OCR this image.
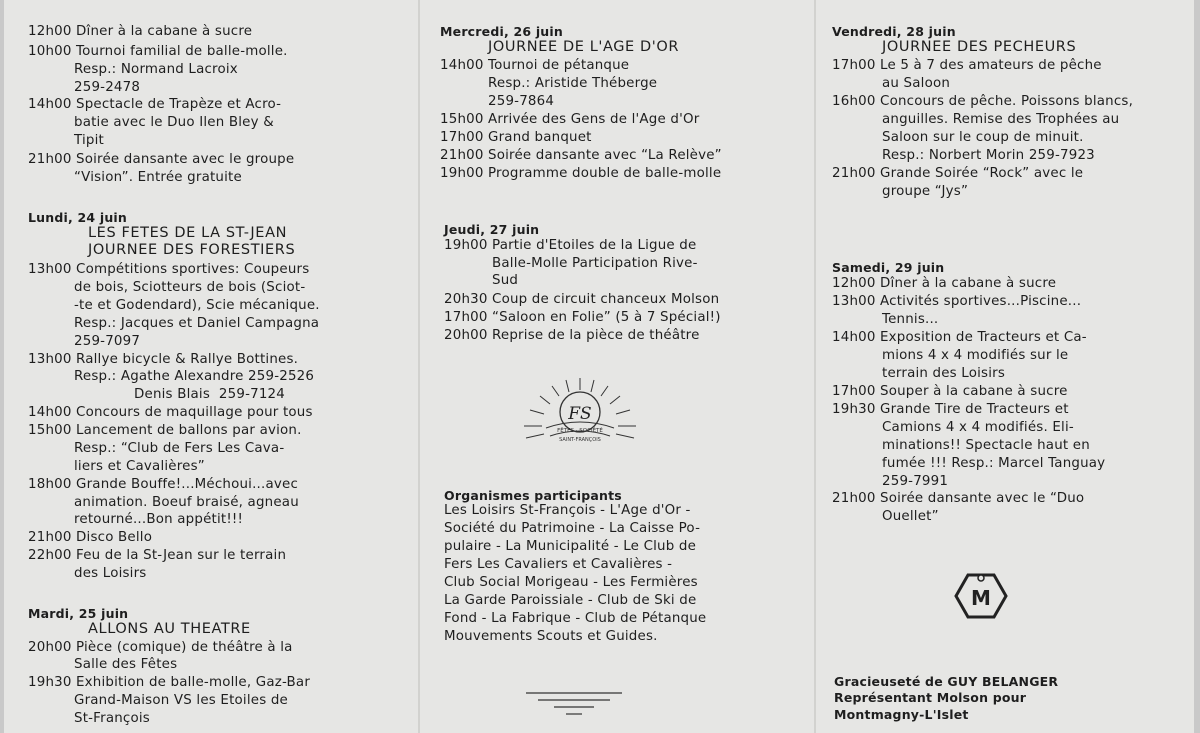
12h00 Dîner à la cabane à sucre
10h00 Tournoi familial de balle-molle.
Resp.: Normand Lacroix
259-2478
14h00 Spectacle de Trapèze et Acro-
batie avec le Duo Ilen Bley &
Tipit
21h00 Soirée dansante avec le groupe
“Vision”. Entrée gratuite
Lundi, 24 juin
LES FETES DE LA ST-JEAN
JOURNEE DES FORESTIERS
13h00 Compétitions sportives: Coupeurs
de bois, Sciotteurs de bois (Sciot-
-te et Godendard), Scie mécanique.
Resp.: Jacques et Daniel Campagna
259-7097
13h00 Rallye bicycle & Rallye Bottines.
Resp.: Agathe Alexandre 259-2526
Denis Blais  259-7124
14h00 Concours de maquillage pour tous
15h00 Lancement de ballons par avion.
Resp.: “Club de Fers Les Cava-
liers et Cavalières”
18h00 Grande Bouffe!...Méchoui...avec
animation. Boeuf braisé, agneau
retourné...Bon appétit!!!
21h00 Disco Bello
22h00 Feu de la St-Jean sur le terrain
des Loisirs
Mardi, 25 juin
ALLONS AU THEATRE
20h00 Pièce (comique) de théâtre à la
Salle des Fêtes
19h30 Exhibition de balle-molle, Gaz-Bar
Grand-Maison VS les Etoiles de
St-François
Mercredi, 26 juin
JOURNEE DE L'AGE D'OR
14h00 Tournoi de pétanque
Resp.: Aristide Théberge
259-7864
15h00 Arrivée des Gens de l'Age d'Or
17h00 Grand banquet
21h00 Soirée dansante avec “La Relève”
19h00 Programme double de balle-molle
Jeudi, 27 juin
19h00 Partie d'Etoiles de la Ligue de
Balle-Molle Participation Rive-
Sud
20h30 Coup de circuit chanceux Molson
17h00 “Saloon en Folie” (5 à 7 Spécial!)
20h00 Reprise de la pièce de théâtre
FS
FÊTES · SOCIÉTÉ
SAINT-FRANÇOIS
Organismes participants
Les Loisirs St-François - L'Age d'Or -
Société du Patrimoine - La Caisse Po-
pulaire - La Municipalité - Le Club de
Fers Les Cavaliers et Cavalières -
Club Social Morigeau - Les Fermières
La Garde Paroissiale - Club de Ski de
Fond - La Fabrique - Club de Pétanque
Mouvements Scouts et Guides.
Vendredi, 28 juin
JOURNEE DES PECHEURS
17h00 Le 5 à 7 des amateurs de pêche
au Saloon
16h00 Concours de pêche. Poissons blancs,
anguilles. Remise des Trophées au
Saloon sur le coup de minuit.
Resp.: Norbert Morin 259-7923
21h00 Grande Soirée “Rock” avec le
groupe “Jys”
Samedi, 29 juin
12h00 Dîner à la cabane à sucre
13h00 Activités sportives...Piscine...
Tennis...
14h00 Exposition de Tracteurs et Ca-
mions 4 x 4 modifiés sur le
terrain des Loisirs
17h00 Souper à la cabane à sucre
19h30 Grande Tire de Tracteurs et
Camions 4 x 4 modifiés. Eli-
minations!! Spectacle haut en
fumée !!! Resp.: Marcel Tanguay
259-7991
21h00 Soirée dansante avec le “Duo
Ouellet”
M
Gracieuseté de GUY BELANGER
Représentant Molson pour
Montmagny-L'Islet
